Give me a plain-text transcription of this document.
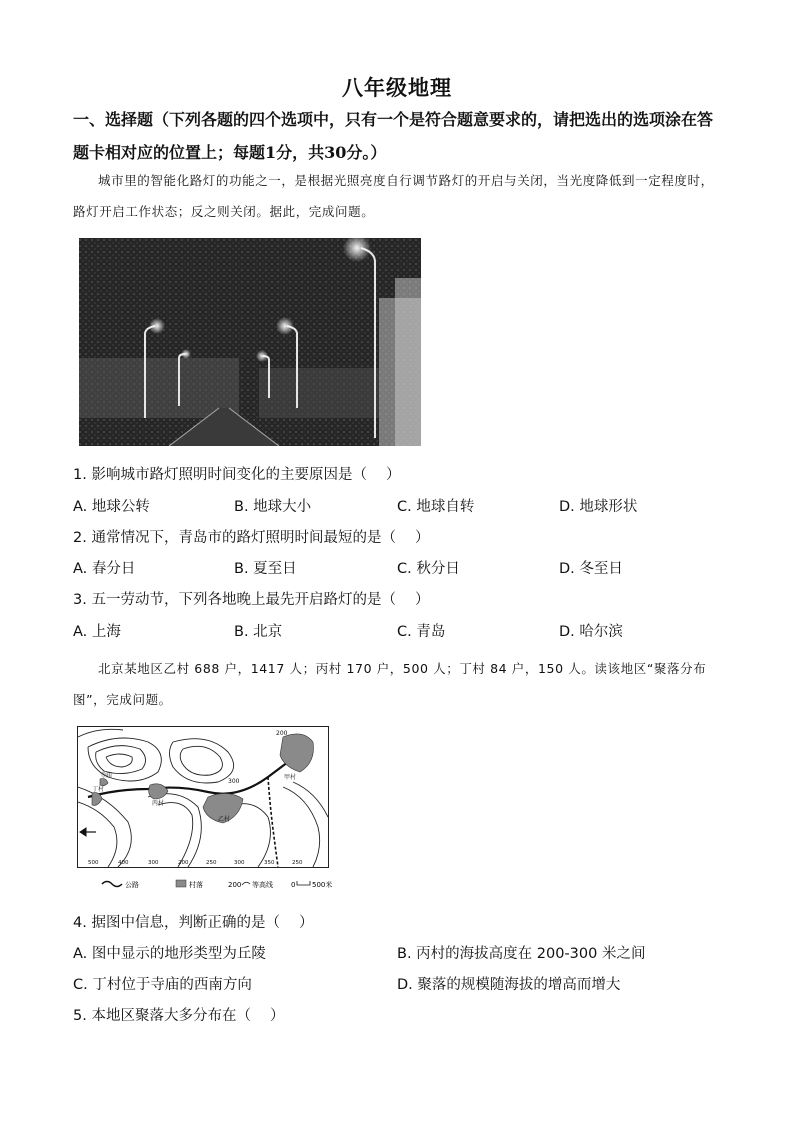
八年级地理
一、选择题（下列各题的四个选项中，只有一个是符合题意要求的，请把选出的选项涂在答
题卡相对应的位置上；每题1分，共30分。）
城市里的智能化路灯的功能之一，是根据光照亮度自行调节路灯的开启与关闭，当光度降低到一定程度时，路灯开启工作状态；反之则关闭。据此，完成问题。
1. 影响城市路灯照明时间变化的主要原因是（　 ）
A. 地球公转	B. 地球大小	C. 地球自转	D. 地球形状
2. 通常情况下，青岛市的路灯照明时间最短的是（　 ）
A. 春分日	B. 夏至日	C. 秋分日	D. 冬至日
3. 五一劳动节，下列各地晚上最先开启路灯的是（　 ）
A. 上海	B. 北京	C. 青岛	D. 哈尔滨
北京某地区乙村 688 户，1417 人；丙村 170 户，500 人；丁村 84 户，150 人。读该地区“聚落分布图”，完成问题。
寺庙
丁村
丙村
乙村
甲村
300
200
500	400	300	200	250	300	350	250
公路	村落	200 等高线	0 500米
4. 据图中信息，判断正确的是（　 ）
A. 图中显示的地形类型为丘陵	B. 丙村的海拔高度在 200-300 米之间
C. 丁村位于寺庙的西南方向	D. 聚落的规模随海拔的增高而增大
5. 本地区聚落大多分布在（　 ）
